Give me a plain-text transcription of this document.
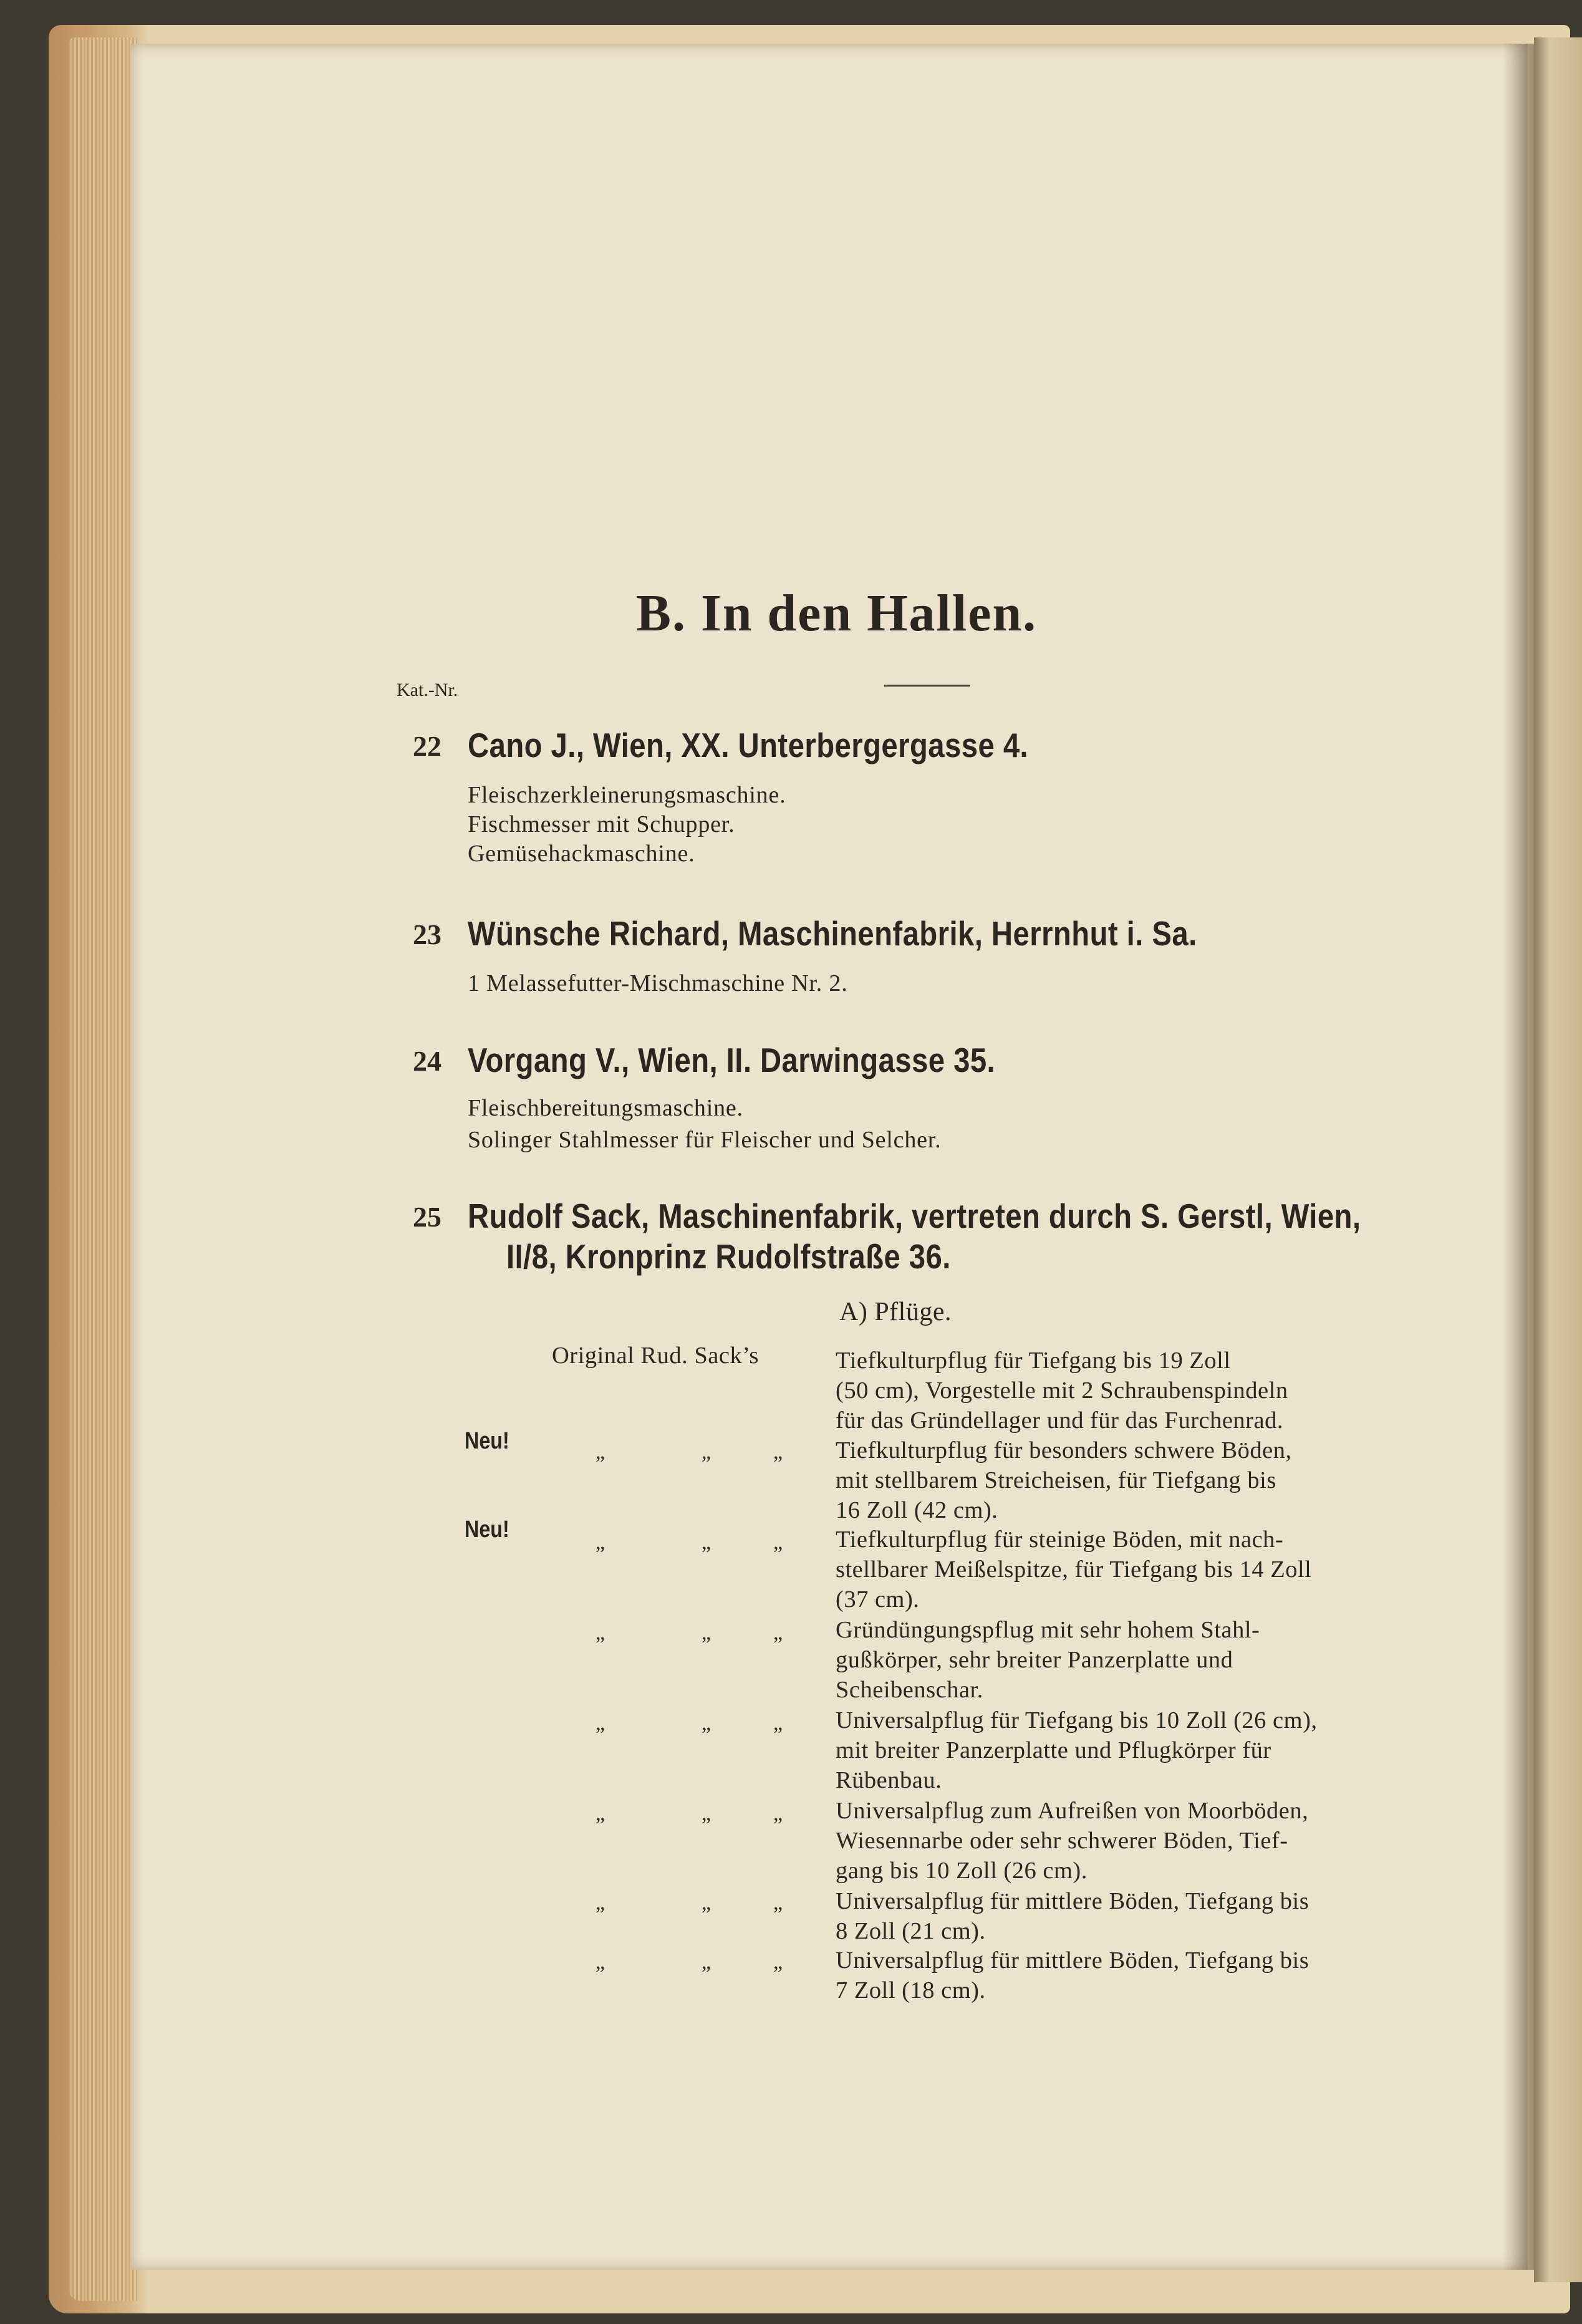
B. In den Hallen.
Kat.-Nr.
22 Cano J., Wien, XX. Unterbergergasse 4.
Fleischzerkleinerungsmaschine.
Fischmesser mit Schupper.
Gemüsehackmaschine.
23 Wünsche Richard, Maschinenfabrik, Herrnhut i. Sa.
1 Melassefutter-Mischmaschine Nr. 2.
24 Vorgang V., Wien, II. Darwingasse 35.
Fleischbereitungsmaschine.
Solinger Stahlmesser für Fleischer und Selcher.
25 Rudolf Sack, Maschinenfabrik, vertreten durch S. Gerstl, Wien,
II/8, Kronprinz Rudolfstraße 36.
A) Pflüge.
Original Rud. Sack’s	Tiefkulturpflug für Tiefgang bis 19 Zoll
(50 cm), Vorgestelle mit 2 Schraubenspindeln
für das Gründellager und für das Furchenrad.
Neu!	„	„	„ Tiefkulturpflug für besonders schwere Böden,
mit stellbarem Streicheisen, für Tiefgang bis
16 Zoll (42 cm).
Neu!	„	„	„ Tiefkulturpflug für steinige Böden, mit nach-
stellbarer Meißelspitze, für Tiefgang bis 14 Zoll
(37 cm).
„	„	„ Gründüngungspflug mit sehr hohem Stahl-
gußkörper, sehr breiter Panzerplatte und
Scheibenschar.
„	„	„ Universalpflug für Tiefgang bis 10 Zoll (26 cm),
mit breiter Panzerplatte und Pflugkörper für
Rübenbau.
„	„	„ Universalpflug zum Aufreißen von Moorböden,
Wiesennarbe oder sehr schwerer Böden, Tief-
gang bis 10 Zoll (26 cm).
„	„	„ Universalpflug für mittlere Böden, Tiefgang bis
8 Zoll (21 cm).
„	„	„ Universalpflug für mittlere Böden, Tiefgang bis
7 Zoll (18 cm).
